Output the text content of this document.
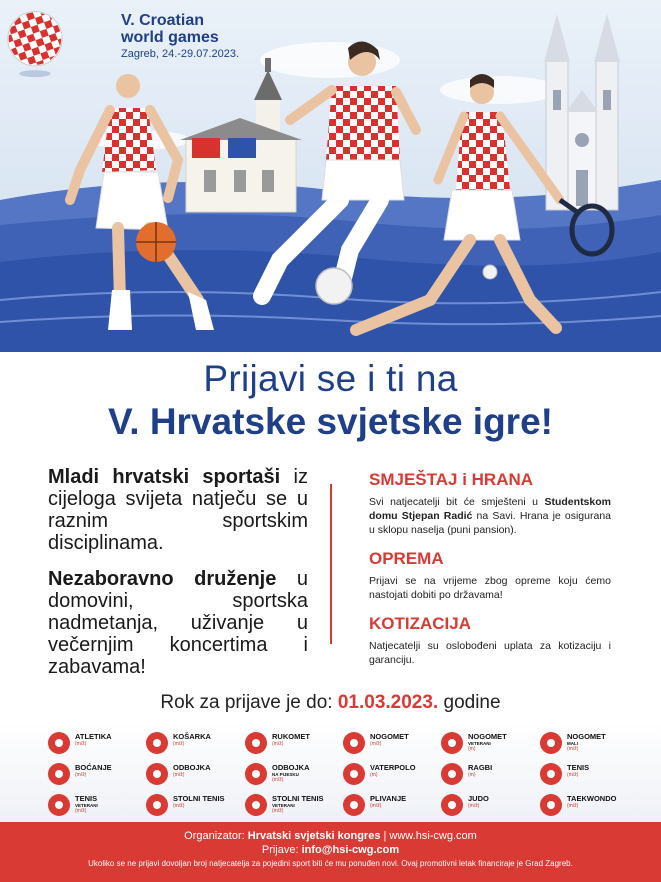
V. Croatian
world games
Zagreb, 24.-29.07.2023.
Prijavi se i ti na
V. Hrvatske svjetske igre!

Mladi hrvatski sportaši iz cijeloga svijeta natječu se u raznim sportskim disciplinama.

Nezaboravno druženje u domovini, sportska nadmetanja, uživanje u večernjim koncertima i zabavama!

SMJEŠTAJ i HRANA

Svi natjecatelji bit će smješteni u Studentskom domu Stjepan Radić na Savi. Hrana je osigurana u sklopu naselja (puni pansion).

OPREMA

Prijavi se na vrijeme zbog opreme koju ćemo nastojati dobiti po državama!

KOTIZACIJA

Natjecatelji su oslobođeni uplata za kotizaciju i garanciju.

Rok za prijave je do: 01.03.2023. godine
ATLETIKA
(m/ž)
KOŠARKA
(m/ž)
RUKOMET
(m/ž)
NOGOMET
(m/ž)
NOGOMET
VETERANI
(m)
NOGOMET
MALI
(m/ž)
BOĆANJE
(m/ž)
ODBOJKA
(m/ž)
ODBOJKA
NA PIJESKU
(m/ž)
VATERPOLO
(m)
RAGBI
(m)
TENIS
(m/ž)
TENIS
VETERANI
(m/ž)
STOLNI TENIS
(m/ž)
STOLNI TENIS
VETERANI
(m/ž)
PLIVANJE
(m/ž)
JUDO
(m/ž)
TAEKWONDO
(m/ž)
Organizator: Hrvatski svjetski kongres | www.hsi-cwg.com
Prijave: info@hsi-cwg.com
Ukoliko se ne prijavi dovoljan broj natjecatelja za pojedini sport biti će mu ponuđen novi. Ovaj promotivni letak financiraje je Grad Zagreb.
